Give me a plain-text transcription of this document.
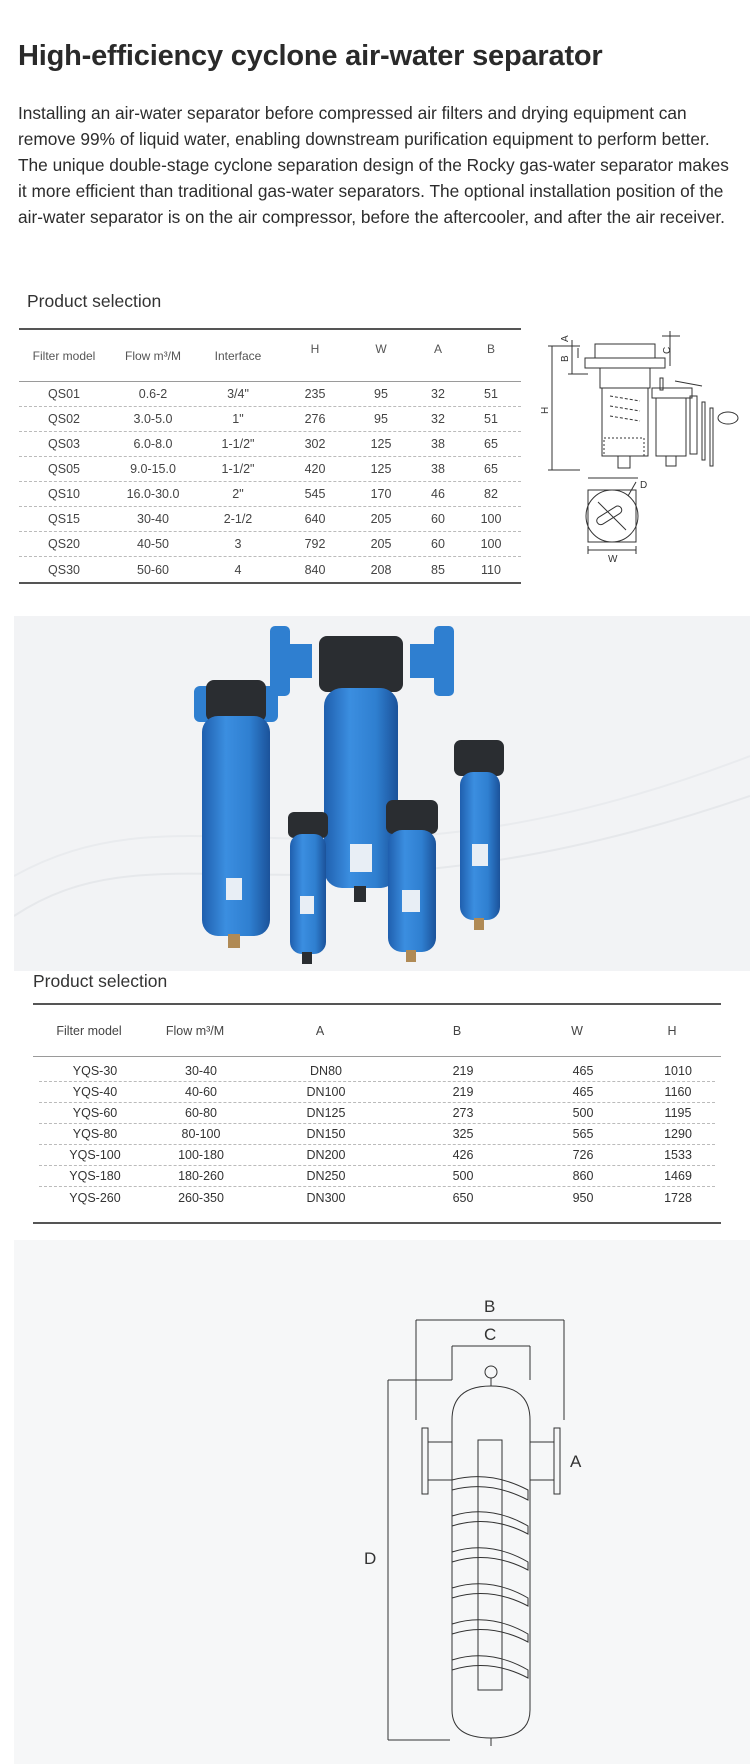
High-efficiency cyclone air-water separator
Installing an air-water separator before compressed air filters and drying equipment can remove 99% of liquid water, enabling downstream purification equipment to perform better. The unique double-stage cyclone separation design of the Rocky gas-water separator makes it more efficient than traditional gas-water separators. The optional installation position of the air-water separator is on the air compressor, before the aftercooler, and after the air receiver.
Product selection
Filter model	Flow m³/M	Interface	H	W	A	B
QS01	0.6-2	3/4"	235	95	32	51
QS02	3.0-5.0	1"	276	95	32	51
QS03	6.0-8.0	1-1/2"	302	125	38	65
QS05	9.0-15.0	1-1/2"	420	125	38	65
QS10	16.0-30.0	2"	545	170	46	82
QS15	30-40	2-1/2	640	205	60	100
QS20	40-50	3	792	205	60	100
QS30	50-60	4	840	208	85	110
H
B
A
C
D
W
Product selection
Filter model	Flow m³/M	A	B	W	H
YQS-30	30-40	DN80	219	465	1010
YQS-40	40-60	DN100	219	465	1160
YQS-60	60-80	DN125	273	500	1195
YQS-80	80-100	DN150	325	565	1290
YQS-100	100-180	DN200	426	726	1533
YQS-180	180-260	DN250	500	860	1469
YQS-260	260-350	DN300	650	950	1728
B
C
A
D
